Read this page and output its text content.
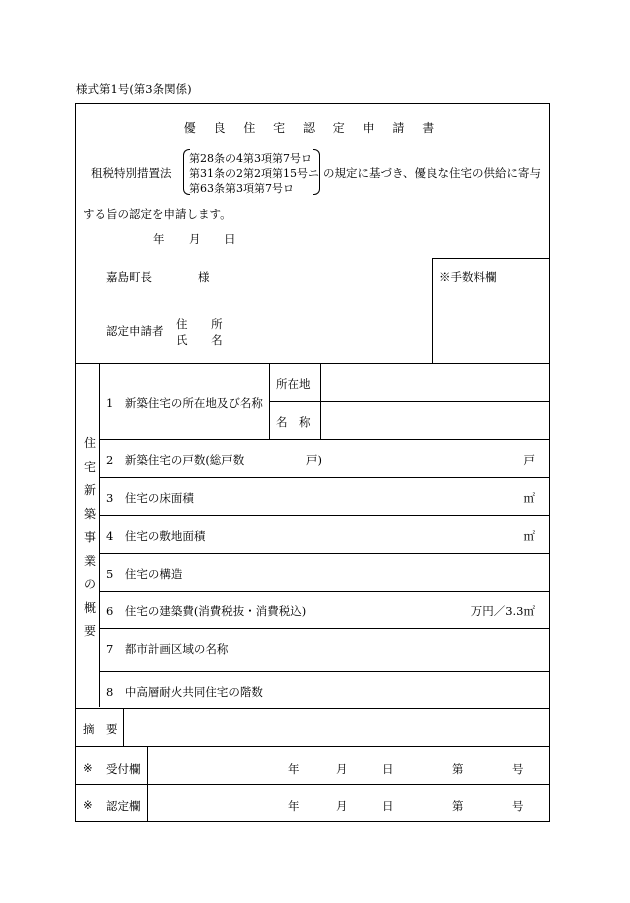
様式第1号(第3条関係)
優 良 住 宅 認 定 申 請 書
租税特別措置法
第28条の4第3項第7号ロ
第31条の2第2項第15号ニ
第63条第3項第7号ロ
の規定に基づき、優良な住宅の供給に寄与
する旨の認定を申請します。
年 月 日
※手数料欄
嘉島町長	様
認定申請者 住 所
氏 名
住
宅
新
築
事
業
の
概
要
1　新築住宅の所在地及び名称
所在地
名　称
2　新築住宅の戸数(総戸数	戸)	戸
3　住宅の床面積	㎡
4　住宅の敷地面積	㎡
5　住宅の構造
6　住宅の建築費(消費税抜・消費税込)	万円／3.3㎡
7　都市計画区域の名称
8　中高層耐火共同住宅の階数
摘　要
※ 受付欄	年	月	日	第	号
※ 認定欄	年	月	日	第	号
